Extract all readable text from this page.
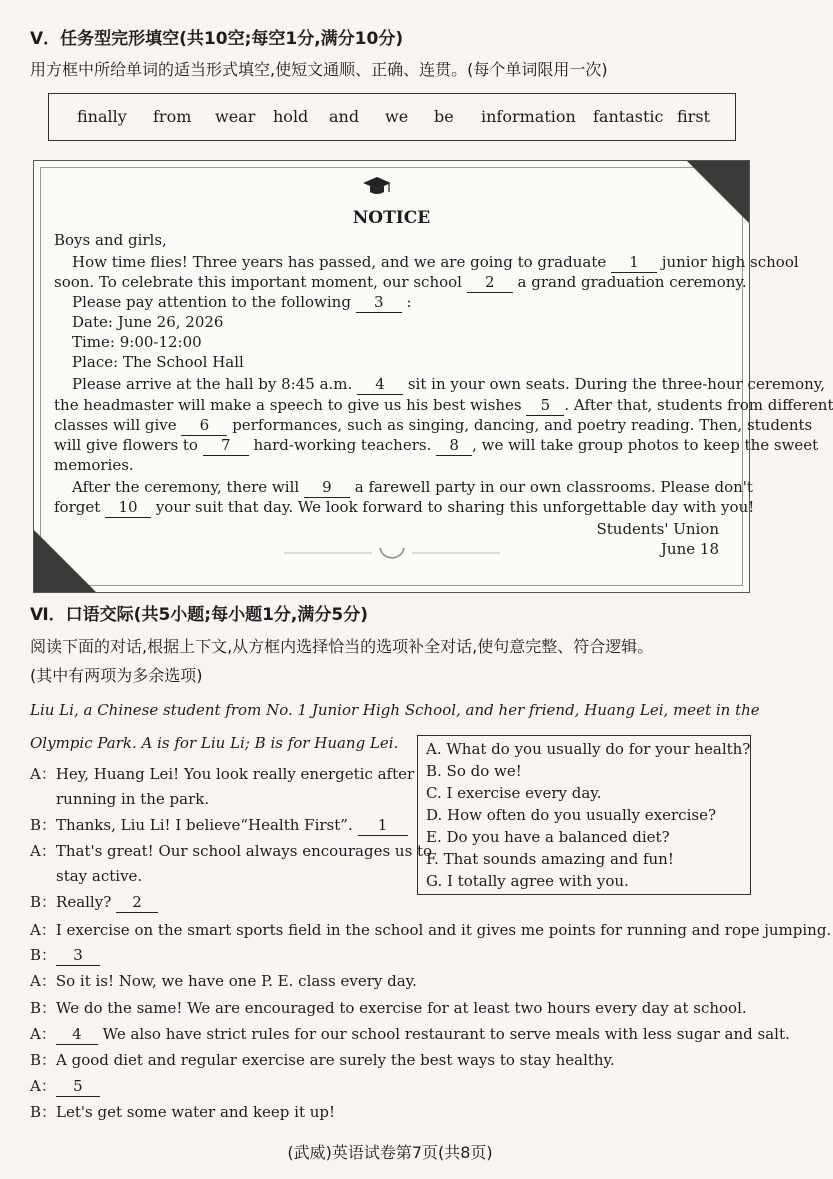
Ⅴ．任务型完形填空(共10空;每空1分,满分10分)
用方框中所给单词的适当形式填空,使短文通顺、正确、连贯。(每个单词限用一次)
finally from wear hold and we be information fantastic first
NOTICE
Boys and girls,
How time flies! Three years has passed, and we are going to graduate 1 junior high school
soon. To celebrate this important moment, our school 2 a grand graduation ceremony.
Please pay attention to the following 3 :
Date: June 26, 2026
Time: 9:00-12:00
Place: The School Hall
Please arrive at the hall by 8:45 a.m. 4 sit in your own seats. During the three-hour ceremony,
the headmaster will make a speech to give us his best wishes 5 . After that, students from different
classes will give 6 performances, such as singing, dancing, and poetry reading. Then, students
will give flowers to 7 hard-working teachers. 8 , we will take group photos to keep the sweet
memories.
After the ceremony, there will 9 a farewell party in our own classrooms. Please don't
forget 10 your suit that day. We look forward to sharing this unforgettable day with you!
Students' Union
June 18
Ⅵ．口语交际(共5小题;每小题1分,满分5分)
阅读下面的对话,根据上下文,从方框内选择恰当的选项补全对话,使句意完整、符合逻辑。
(其中有两项为多余选项)
Liu Li, a Chinese student from No. 1 Junior High School, and her friend, Huang Lei, meet in the
Olympic Park. A is for Liu Li; B is for Huang Lei. A. What do you usually do for your health?
B. So do we!
C. I exercise every day.
D. How often do you usually exercise?
E. Do you have a balanced diet?
F. That sounds amazing and fun!
G. I totally agree with you.
A：Hey, Huang Lei! You look really energetic after
running in the park.
B：Thanks, Liu Li! I believe“Health First”. 1
A：That's great! Our school always encourages us to
stay active.
B：Really? 2
A：I exercise on the smart sports field in the school and it gives me points for running and rope jumping.
B： 3
A：So it is! Now, we have one P. E. class every day.
B：We do the same! We are encouraged to exercise for at least two hours every day at school.
A： 4 We also have strict rules for our school restaurant to serve meals with less sugar and salt.
B：A good diet and regular exercise are surely the best ways to stay healthy.
A： 5
B：Let's get some water and keep it up!
(武威)英语试卷第7页(共8页)
